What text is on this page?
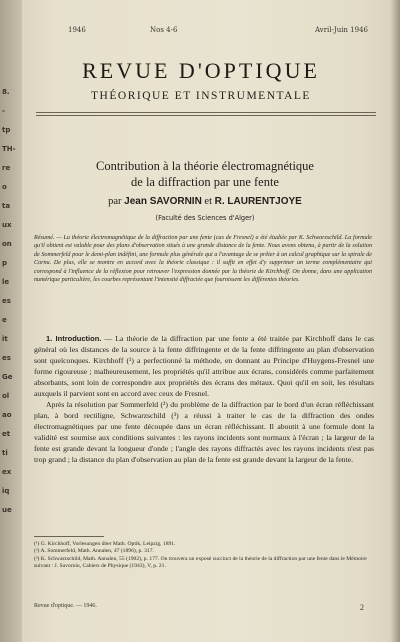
8.
-
tp
TH-
re
o
ta
ux
on
p
le
es
e
it
es
Ge
ol
ao
et
ti
ex
iq
ue
1946	Nos 4-6	Avril-Juin 1946
REVUE D'OPTIQUE
THÉORIQUE ET INSTRUMENTALE
Contribution à la théorie électromagnétique
de la diffraction par une fente
par Jean SAVORNIN et R. LAURENTJOYE
(Faculté des Sciences d'Alger)
Résumé. — La théorie électromagnétique de la diffraction par une fente (cas de Fresnel) a été étudiée par K. Schwarzschild. La formule qu'il obtient est valable pour des plans d'observation situés à une grande distance de la fente. Nous avons obtenu, à partir de la solution de Sommerfeld pour le demi-plan indéfini, une formule plus générale qui a l'avantage de se prêter à un calcul graphique sur la spirale de Cornu. De plus, elle se montre en accord avec la théorie classique : il suffit en effet d'y supprimer un terme complémentaire qui correspond à l'influence de la réflexion pour retrouver l'expression donnée par la théorie de Kirchhoff. On donne, dans une application numérique particulière, les courbes représentant l'intensité diffractée que fournissent les différentes théories.

1. Introduction. — La théorie de la diffraction par une fente a été traitée par Kirchhoff dans le cas général où les distances de la source à la fente diffringente et de la fente diffringente au plan d'observation sont quelconques. Kirchhoff (¹) a perfectionné la méthode, en donnant au Principe d'Huygens-Fresnel une forme rigoureuse ; malheureusement, les propriétés qu'il attribue aux écrans, considérés comme parfaitement absorbants, sont loin de correspondre aux propriétés des écrans des métaux. Quoi qu'il en soit, les résultats auxquels il parvient sont en accord avec ceux de Fresnel.

Après la résolution par Sommerfeld (²) du problème de la diffraction par le bord d'un écran réfléchissant plan, à bord rectiligne, Schwarzschild (³) a réussi à traiter le cas de la diffraction des ondes électromagnétiques par une fente découpée dans un écran réfléchissant. Il aboutit à une formule dont la validité est soumise aux conditions suivantes : les rayons incidents sont normaux à l'écran ; la largeur de la fente est grande devant la longueur d'onde ; l'angle des rayons diffractés avec les rayons incidents n'est pas trop grand ; la distance du plan d'observation au plan de la fente est grande devant la largeur de la fente.

(¹) G. Kirchhoff, Vorlesungen über Math. Optik, Leipzig, 1891.
(²) A. Sommerfeld, Math. Annalen, 47 (1896), p. 317.
(³) K. Schwarzschild, Math. Annalen, 55 (1902), p. 177. On trouvera un exposé succinct de la théorie de la diffraction par une fente dans le Mémoire suivant : J. Savornin, Cahiers de Physique (1943), V, p. 21.
Revue d'optique. — 1946.	2
